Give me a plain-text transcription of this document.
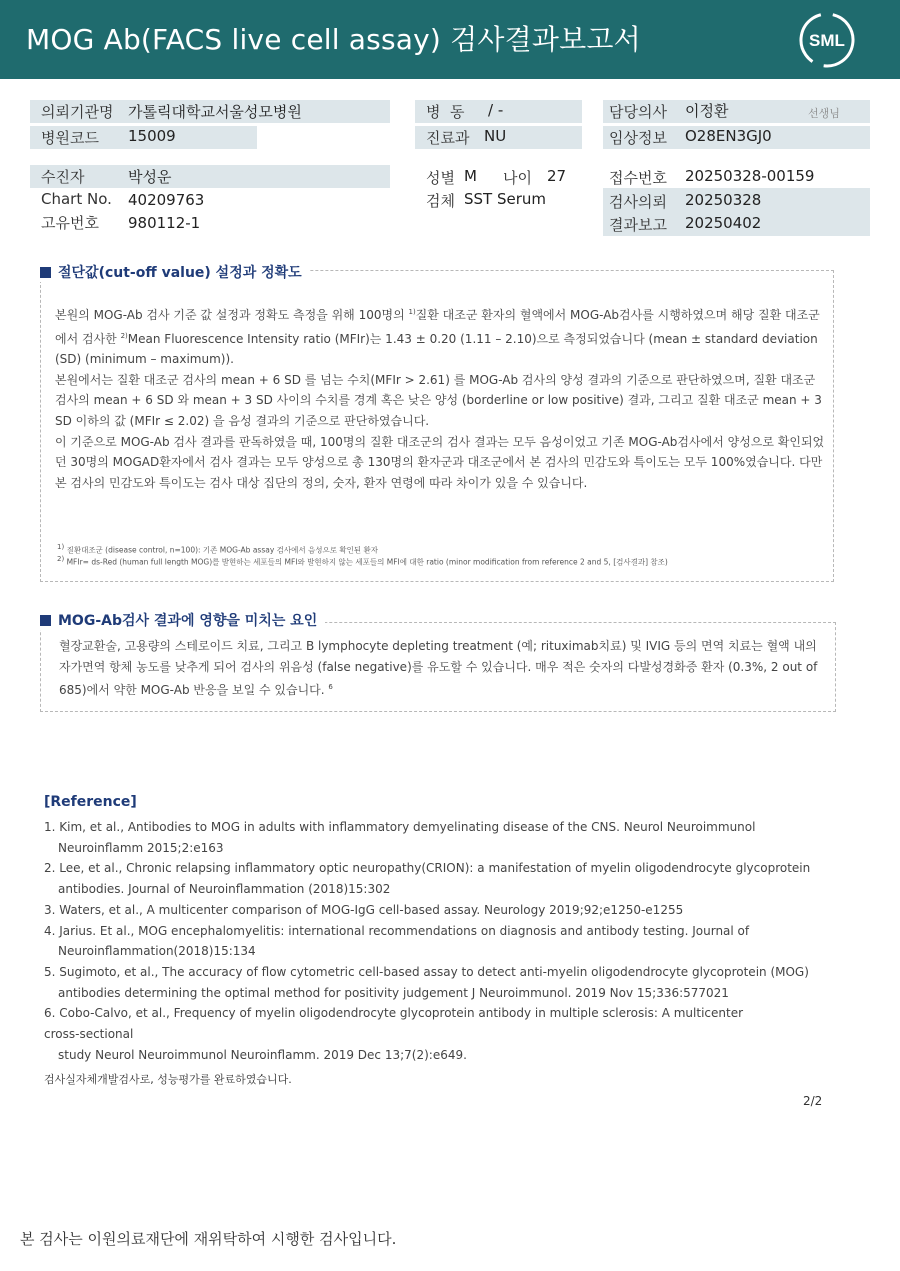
MOG Ab(FACS live cell assay) 검사결과보고서	SML
의뢰기관명 가톨릭대학교서울성모병원
병원코드 15009
병  동 / -
진료과 NU
담당의사 이정환	선생님
임상정보 O28EN3GJ0
수진자	박성운
Chart No. 40209763
고유번호 980112-1
성별 M 나이 27
검체 SST Serum
접수번호 20250328-00159
검사의뢰 20250328
결과보고 20250402
절단값(cut-off value) 설정과 정확도

본원의 MOG-Ab 검사 기준 값 설정과 정확도 측정을 위해 100명의 $^{1)}$질환 대조군 환자의 혈액에서 MOG-Ab검사를 시행하였으며 해당 질환 대조군에서 검사한 $^{2)}$Mean Fluorescence Intensity ratio (MFIr)는 1.43 ± 0.20 (1.11 – 2.10)으로 측정되었습니다 (mean ± standard deviation (SD) (minimum – maximum)).

본원에서는 질환 대조군 검사의 mean + 6 SD 를 넘는 수치(MFIr > 2.61) 를 MOG-Ab 검사의 양성 결과의 기준으로 판단하였으며, 질환 대조군 검사의 mean + 6 SD 와 mean + 3 SD 사이의 수치를 경계 혹은 낮은 양성 (borderline or low positive) 결과, 그리고 질환 대조군 mean + 3 SD 이하의 값 (MFIr ≤ 2.02) 을 음성 결과의 기준으로 판단하였습니다.

이 기준으로 MOG-Ab 검사 결과를 판독하였을 때, 100명의 질환 대조군의 검사 결과는 모두 음성이었고 기존 MOG-Ab검사에서 양성으로 확인되었던 30명의 MOGAD환자에서 검사 결과는 모두 양성으로 총 130명의 환자군과 대조군에서 본 검사의 민감도와 특이도는 모두 100%였습니다. 다만 본 검사의 민감도와 특이도는 검사 대상 집단의 정의, 숫자, 환자 연령에 따라 차이가 있을 수 있습니다.

$^{1)}$ 질환대조군 (disease control, n=100): 기존 MOG-Ab assay 검사에서 음성으로 확인된 환자
$^{2)}$ MFIr= ds-Red (human full length MOG)를 발현하는 세포들의 MFI와 발현하지 않는 세포들의 MFI에 대한 ratio (minor modification from reference 2 and 5, [검사결과] 참조)
MOG-Ab검사 결과에 영향을 미치는 요인

혈장교환술, 고용량의 스테로이드 치료, 그리고 B lymphocyte depleting treatment (예; rituximab치료) 및 IVIG 등의 면역 치료는 혈액 내의 자가면역 항체 농도를 낮추게 되어 검사의 위음성 (false negative)를 유도할 수 있습니다. 매우 적은 숫자의 다발성경화증 환자 (0.3%, 2 out of 685)에서 약한 MOG-Ab 반응을 보일 수 있습니다. $^6$

[Reference]
1. Kim, et al., Antibodies to MOG in adults with inflammatory demyelinating disease of the CNS. Neurol Neuroimmunol
Neuroinflamm 2015;2:e163
2. Lee, et al., Chronic relapsing inflammatory optic neuropathy(CRION): a manifestation of myelin oligodendrocyte glycoprotein
antibodies. Journal of Neuroinflammation (2018)15:302
3. Waters, et al., A multicenter comparison of MOG-IgG cell-based assay. Neurology 2019;92;e1250-e1255
4. Jarius. Et al., MOG encephalomyelitis: international recommendations on diagnosis and antibody testing. Journal of
Neuroinflammation(2018)15:134
5. Sugimoto, et al., The accuracy of flow cytometric cell-based assay to detect anti-myelin oligodendrocyte glycoprotein (MOG)
antibodies determining the optimal method for positivity judgement J Neuroimmunol. 2019 Nov 15;336:577021
6. Cobo-Calvo, et al., Frequency of myelin oligodendrocyte glycoprotein antibody in multiple sclerosis: A multicenter
cross-sectional
study Neurol Neuroimmunol Neuroinflamm. 2019 Dec 13;7(2):e649.
검사실자체개발검사로, 성능평가를 완료하였습니다.
2/2
본 검사는 이원의료재단에 재위탁하여 시행한 검사입니다.
